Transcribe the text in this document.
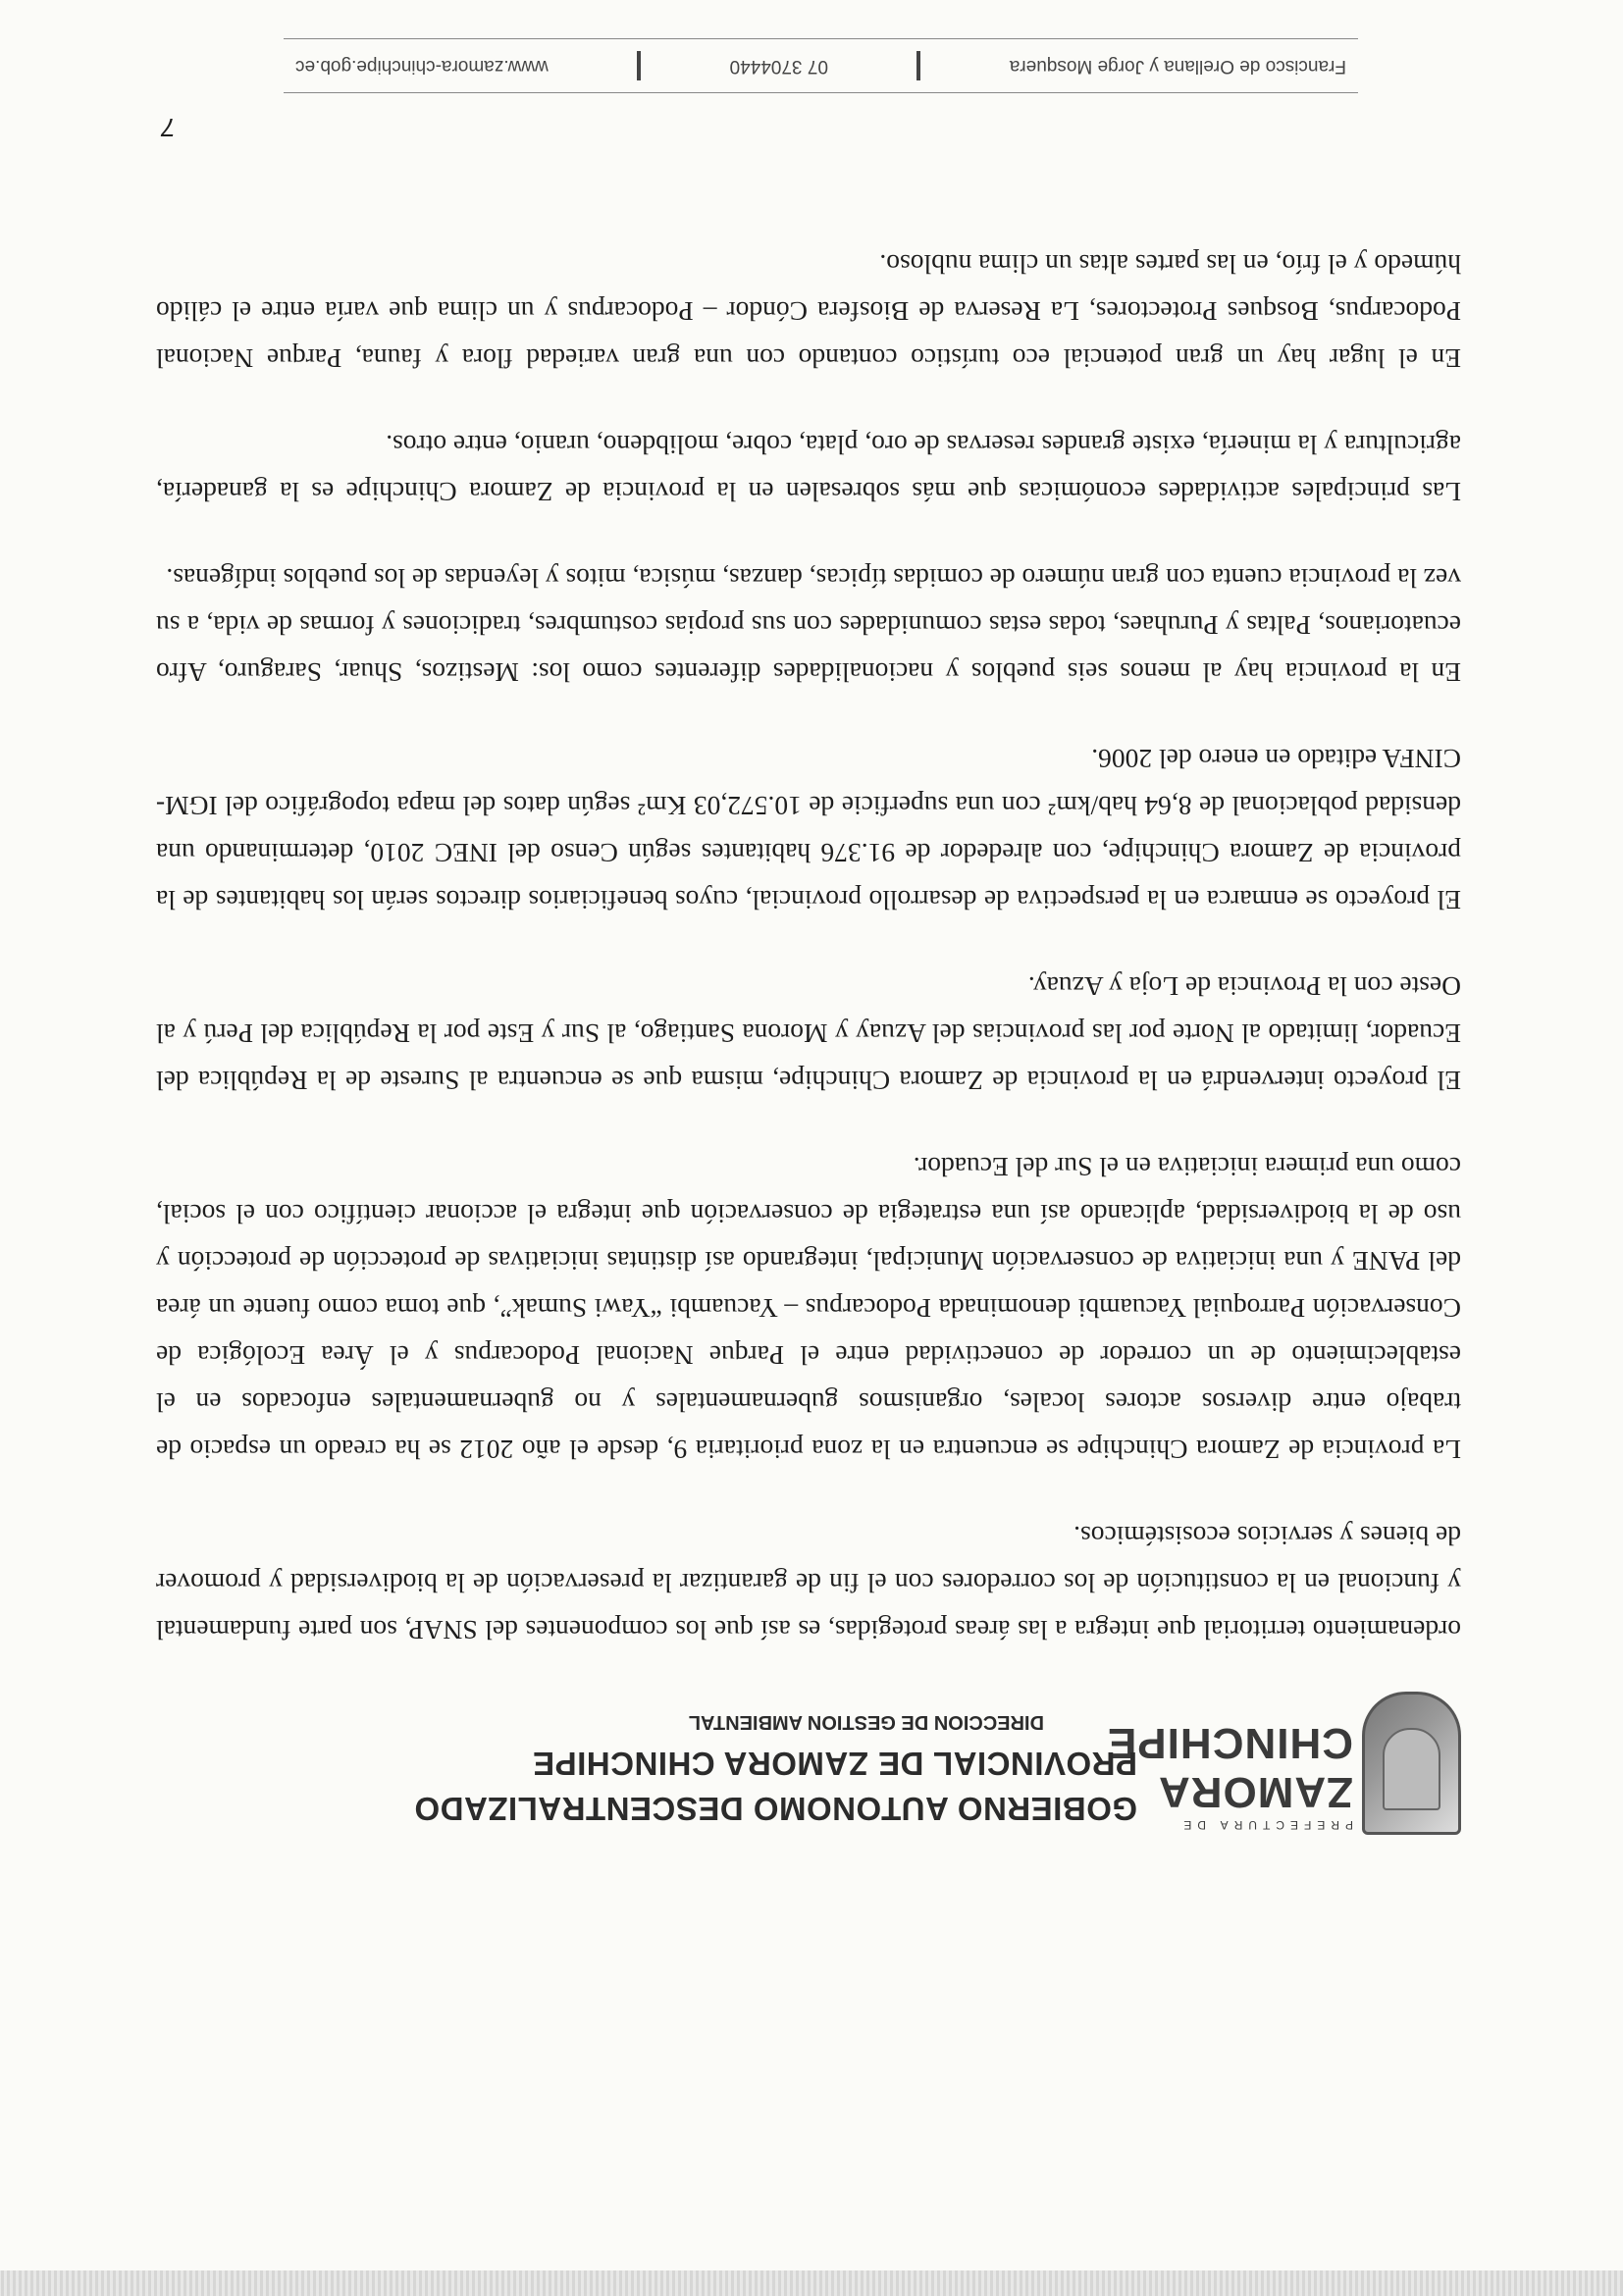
PREFECTURA DE
ZAMORA
CHINCHIPE
GOBIERNO AUTONOMO DESCENTRALIZADO
PROVINCIAL DE ZAMORA CHINCHIPE
DIRECCION DE GESTION AMBIENTAL

ordenamiento territorial que integra a las áreas protegidas, es así que los componentes del SNAP, son parte fundamental y funcional en la constitución de los corredores con el fin de garantizar la preservación de la biodiversidad y promover de bienes y servicios ecosistémicos.

La provincia de Zamora Chinchipe se encuentra en la zona prioritaria 9, desde el año 2012 se ha creado un espacio de trabajo entre diversos actores locales, organismos gubernamentales y no gubernamentales enfocados en el establecimiento de un corredor de conectividad entre el Parque Nacional Podocarpus y el Área Ecológica de Conservación Parroquial Yacuambi denominada Podocarpus – Yacuambi “Yawi Sumak”, que toma como fuente un área del PANE y una iniciativa de conservación Municipal, integrando así distintas iniciativas de protección de protección y uso de la biodiversidad, aplicando así una estrategia de conservación que integra el accionar científico con el social, como una primera iniciativa en el Sur del Ecuador.

El proyecto intervendrá en la provincia de Zamora Chinchipe, misma que se encuentra al Sureste de la República del Ecuador, limitado al Norte por las provincias del Azuay y Morona Santiago, al Sur y Este por la República del Perú y al Oeste con la Provincia de Loja y Azuay.

El proyecto se enmarca en la perspectiva de desarrollo provincial, cuyos beneficiarios directos serán los habitantes de la provincia de Zamora Chinchipe, con alrededor de 91.376 habitantes según Censo del INEC 2010, determinando una densidad poblacional de 8,64 hab/km² con una superficie de 10.572,03 Km² según datos del mapa topográfico del IGM-CINFA editado en enero del 2006.

En la provincia hay al menos seis pueblos y nacionalidades diferentes como los: Mestizos, Shuar, Saraguro, Afro ecuatorianos, Paltas y Puruhaes, todas estas comunidades con sus propias costumbres, tradiciones y formas de vida, a su vez la provincia cuenta con gran número de comidas típicas, danzas, música, mitos y leyendas de los pueblos indígenas.

Las principales actividades económicas que más sobresalen en la provincia de Zamora Chinchipe es la ganadería, agricultura y la minería, existe grandes reservas de oro, plata, cobre, molibdeno, uranio, entre otros.

En el lugar hay un gran potencial eco turístico contando con una gran variedad flora y fauna, Parque Nacional Podocarpus, Bosques Protectores, La Reserva de Biosfera Cóndor – Podocarpus y un clima que varía entre el cálido húmedo y el frío, en las partes altas un clima nubloso.

7
Francisco de Orellana y Jorge Mosquera
07 3704440
www.zamora-chinchipe.gob.ec
